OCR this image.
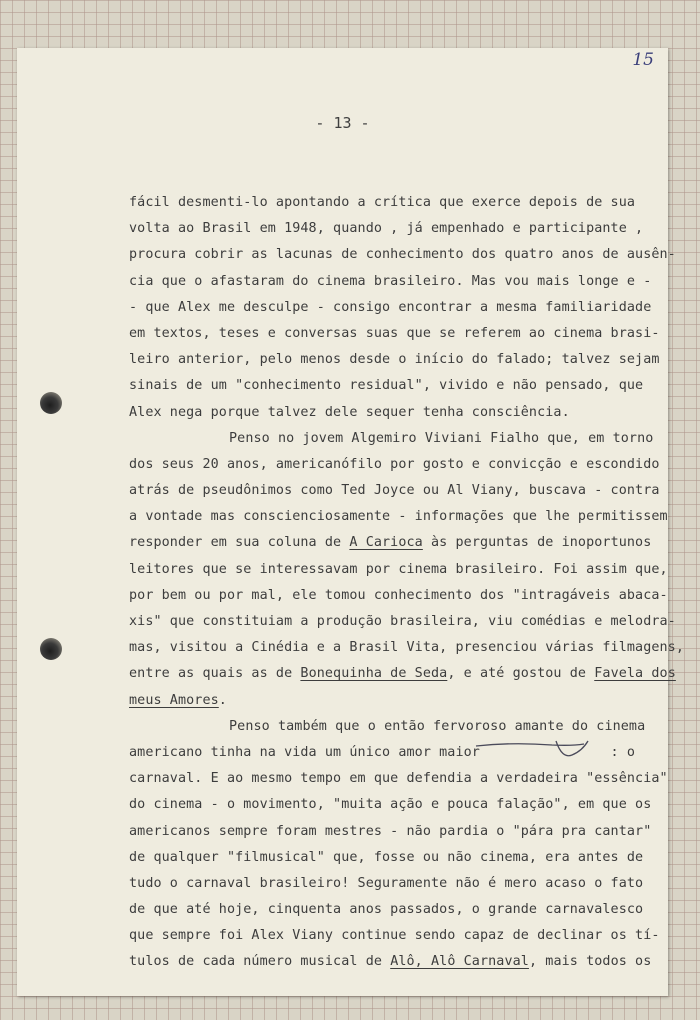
15
- 13 -
fácil desmenti-lo apontando a crítica que exerce depois de sua
volta ao Brasil em 1948, quando , já empenhado e participante ,
procura cobrir as lacunas de conhecimento dos quatro anos de ausên-
cia que o afastaram do cinema brasileiro. Mas vou mais longe e -
- que Alex me desculpe - consigo encontrar a mesma familiaridade
em textos, teses e conversas suas que se referem ao cinema brasi-
leiro anterior, pelo menos desde o início do falado; talvez sejam
sinais de um "conhecimento residual", vivido e não pensado, que
Alex nega porque talvez dele sequer tenha consciência.
Penso no jovem Algemiro Viviani Fialho que, em torno
dos seus 20 anos, americanófilo por gosto e convicção e escondido
atrás de pseudônimos como Ted Joyce ou Al Viany, buscava - contra
a vontade mas conscienciosamente - informações que lhe permitissem
responder em sua coluna de A Carioca às perguntas de inoportunos
leitores que se interessavam por cinema brasileiro. Foi assim que,
por bem ou por mal, ele tomou conhecimento dos "intragáveis abaca-
xis" que constituiam a produção brasileira, viu comédias e melodra-
mas, visitou a Cinédia e a Brasil Vita, presenciou várias filmagens,
entre as quais as de Bonequinha de Seda, e até gostou de Favela dos
meus Amores.
Penso também que o então fervoroso amante do cinema
americano tinha na vida um único amor maior                : o
carnaval. E ao mesmo tempo em que defendia a verdadeira "essência"
do cinema - o movimento, "muita ação e pouca falação", em que os
americanos sempre foram mestres - não pardia o "pára pra cantar"
de qualquer "filmusical" que, fosse ou não cinema, era antes de
tudo o carnaval brasileiro! Seguramente não é mero acaso o fato
de que até hoje, cinquenta anos passados, o grande carnavalesco
que sempre foi Alex Viany continue sendo capaz de declinar os tí-
tulos de cada número musical de Alô, Alô Carnaval, mais todos os
